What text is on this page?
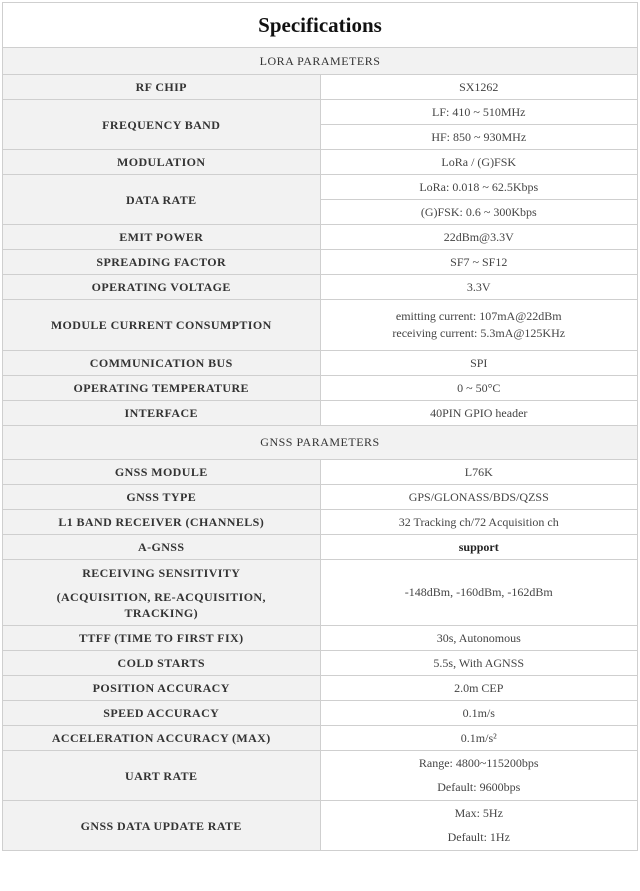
Specifications	
LORA PARAMETERS	
RF CHIP	SX1262
FREQUENCY BAND	LF: 410 ~ 510MHz
	HF: 850 ~ 930MHz
MODULATION	LoRa / (G)FSK
DATA RATE	LoRa: 0.018 ~ 62.5Kbps
	(G)FSK: 0.6 ~ 300Kbps
EMIT POWER	22dBm@3.3V
SPREADING FACTOR	SF7 ~ SF12
OPERATING VOLTAGE	3.3V
MODULE CURRENT CONSUMPTION	emitting current: 107mA@22dBm
receiving current: 5.3mA@125KHz

COMMUNICATION BUS	SPI
OPERATING TEMPERATURE	0 ~ 50°C
INTERFACE	40PIN GPIO header
GNSS PARAMETERS	
GNSS MODULE	L76K
GNSS TYPE	GPS/GLONASS/BDS/QZSS
L1 BAND RECEIVER (CHANNELS)	32 Tracking ch/72 Acquisition ch
A-GNSS	support

RECEIVING SENSITIVITY
(ACQUISITION, RE-ACQUISITION,
TRACKING)	-148dBm, -160dBm, -162dBm
TTFF (TIME TO FIRST FIX)	30s, Autonomous
COLD STARTS	5.5s, With AGNSS
POSITION ACCURACY	2.0m CEP
SPEED ACCURACY	0.1m/s
ACCELERATION ACCURACY (MAX)	0.1m/s²
UART RATE	Range: 4800~115200bps
	Default: 9600bps
GNSS DATA UPDATE RATE	Max: 5Hz
	Default: 1Hz
